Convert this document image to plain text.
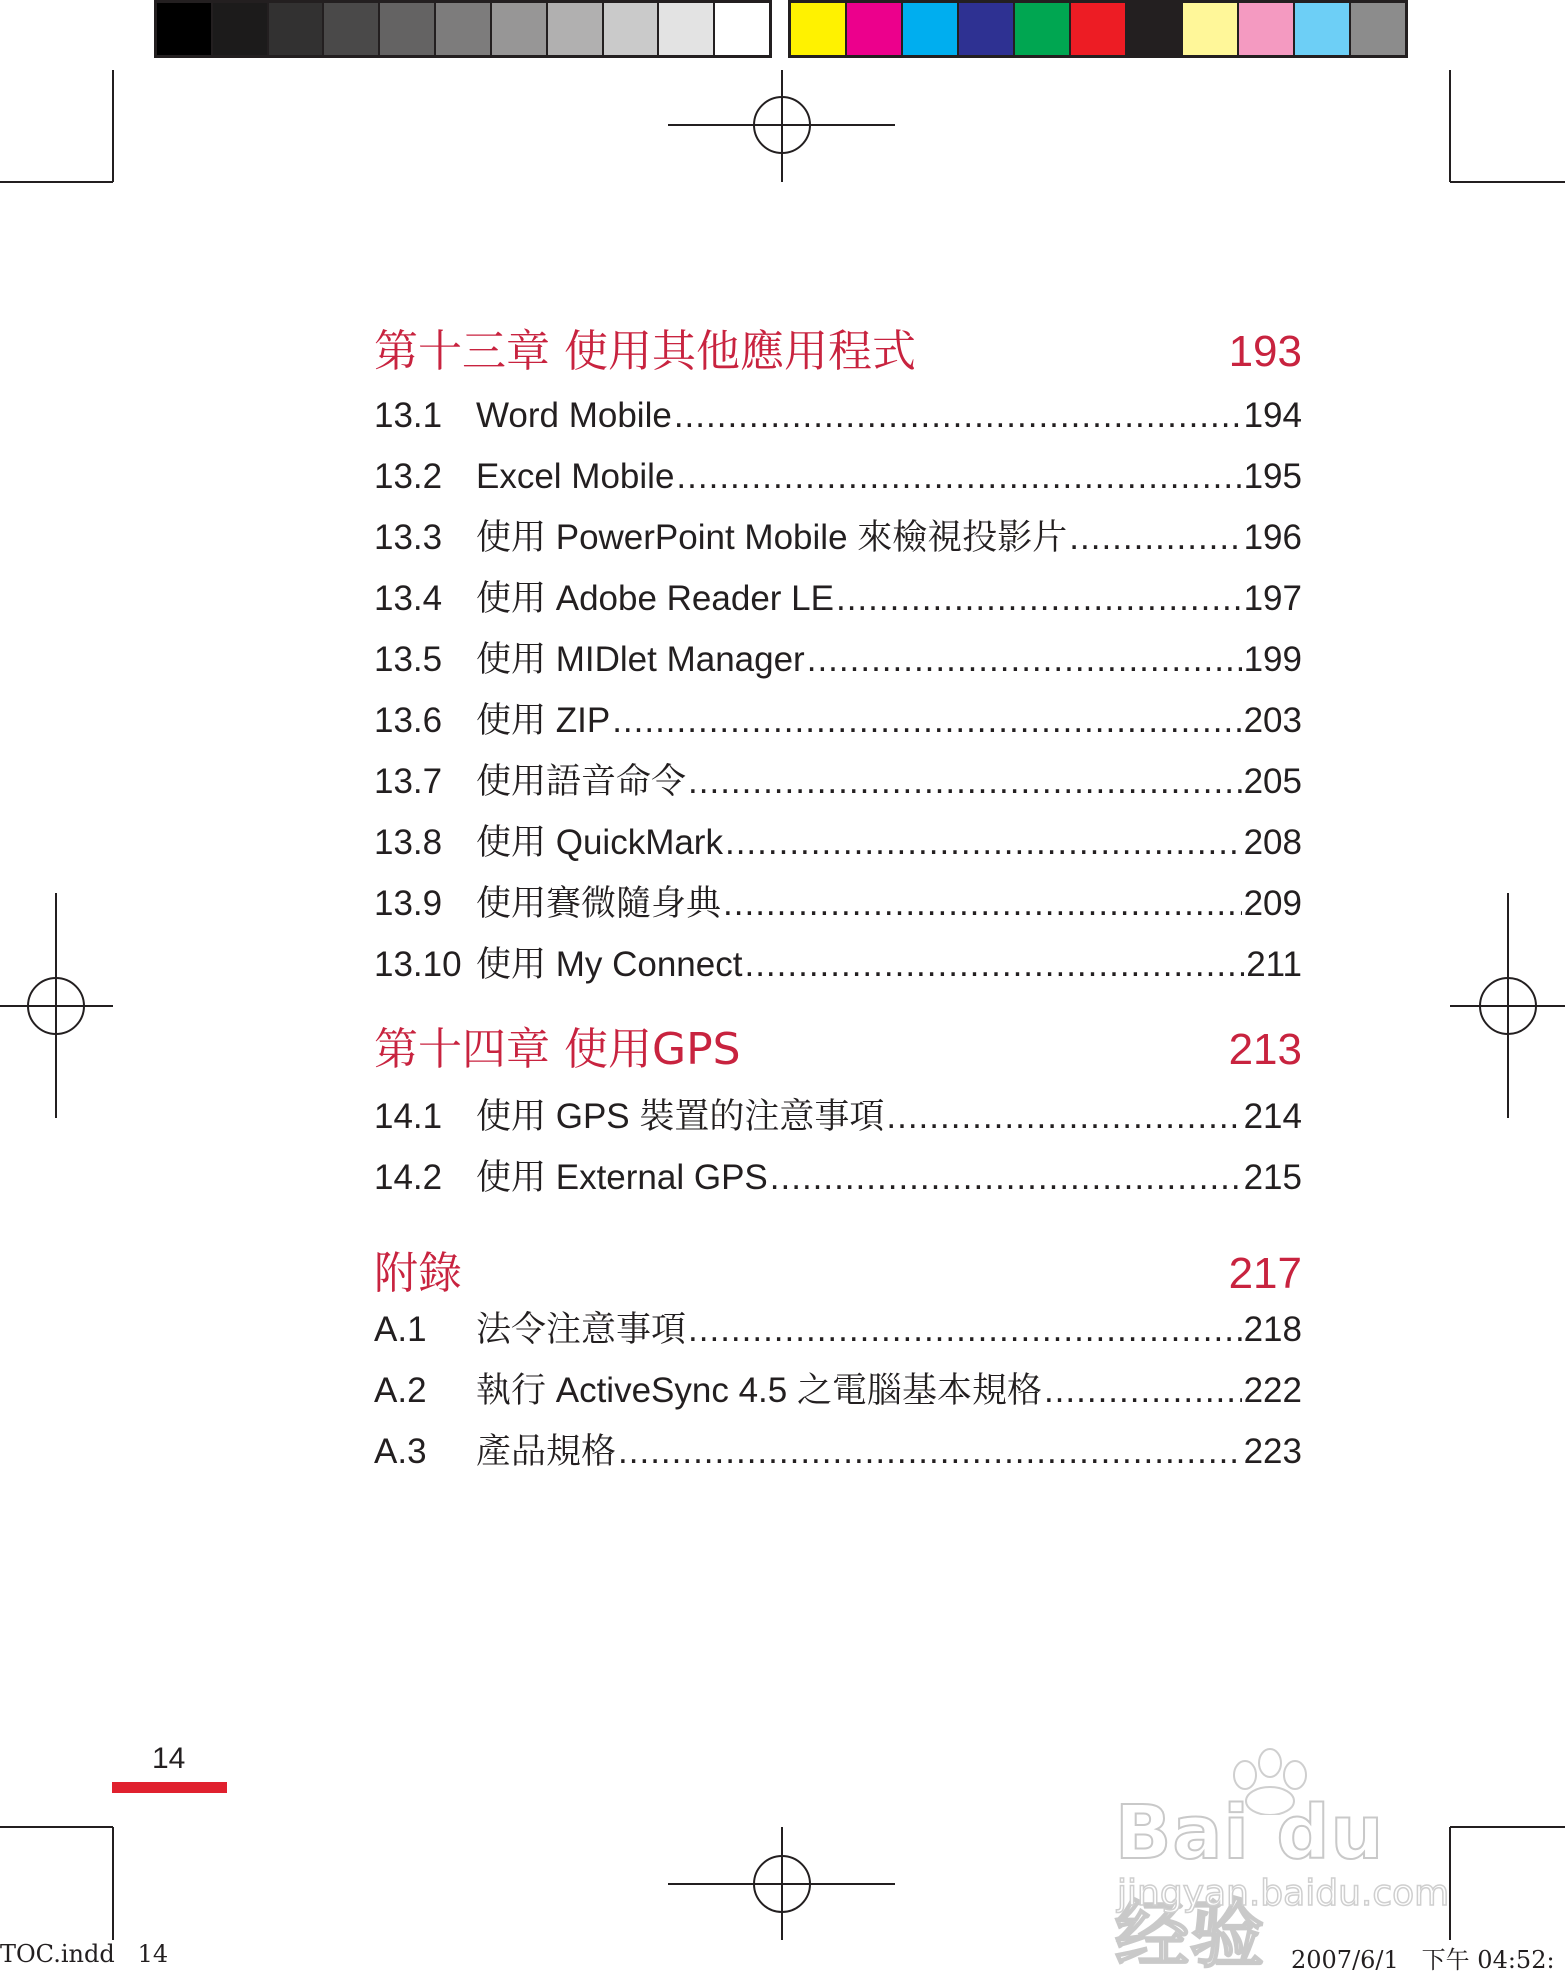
第十三章 使用其他應用程式	193
13.1 Word Mobile .....	194
13.2 Excel Mobile .....	195
13.3 使用 PowerPoint Mobile 來檢視投影片 .....	196
13.4 使用 Adobe Reader LE .....	197
13.5 使用 MIDlet Manager .....	199
13.6 使用 ZIP .....	203
13.7 使用語音命令 .....	205
13.8 使用 QuickMark .....	208
13.9 使用賽微隨身典 .....	209
13.10 使用 My Connect .....	211
第十四章 使用GPS	213
14.1 使用 GPS 裝置的注意事項 .....	214
14.2 使用 External GPS .....	215
附錄	217
A.1	法令注意事項 .....	218
A.2	執行 ActiveSync 4.5 之電腦基本規格 .....	222
A.3	產品規格 .....	223
14
Bai du 经验
jingyan.baidu.com
TOC.indd   14	2007/6/1   下午 04:52:
